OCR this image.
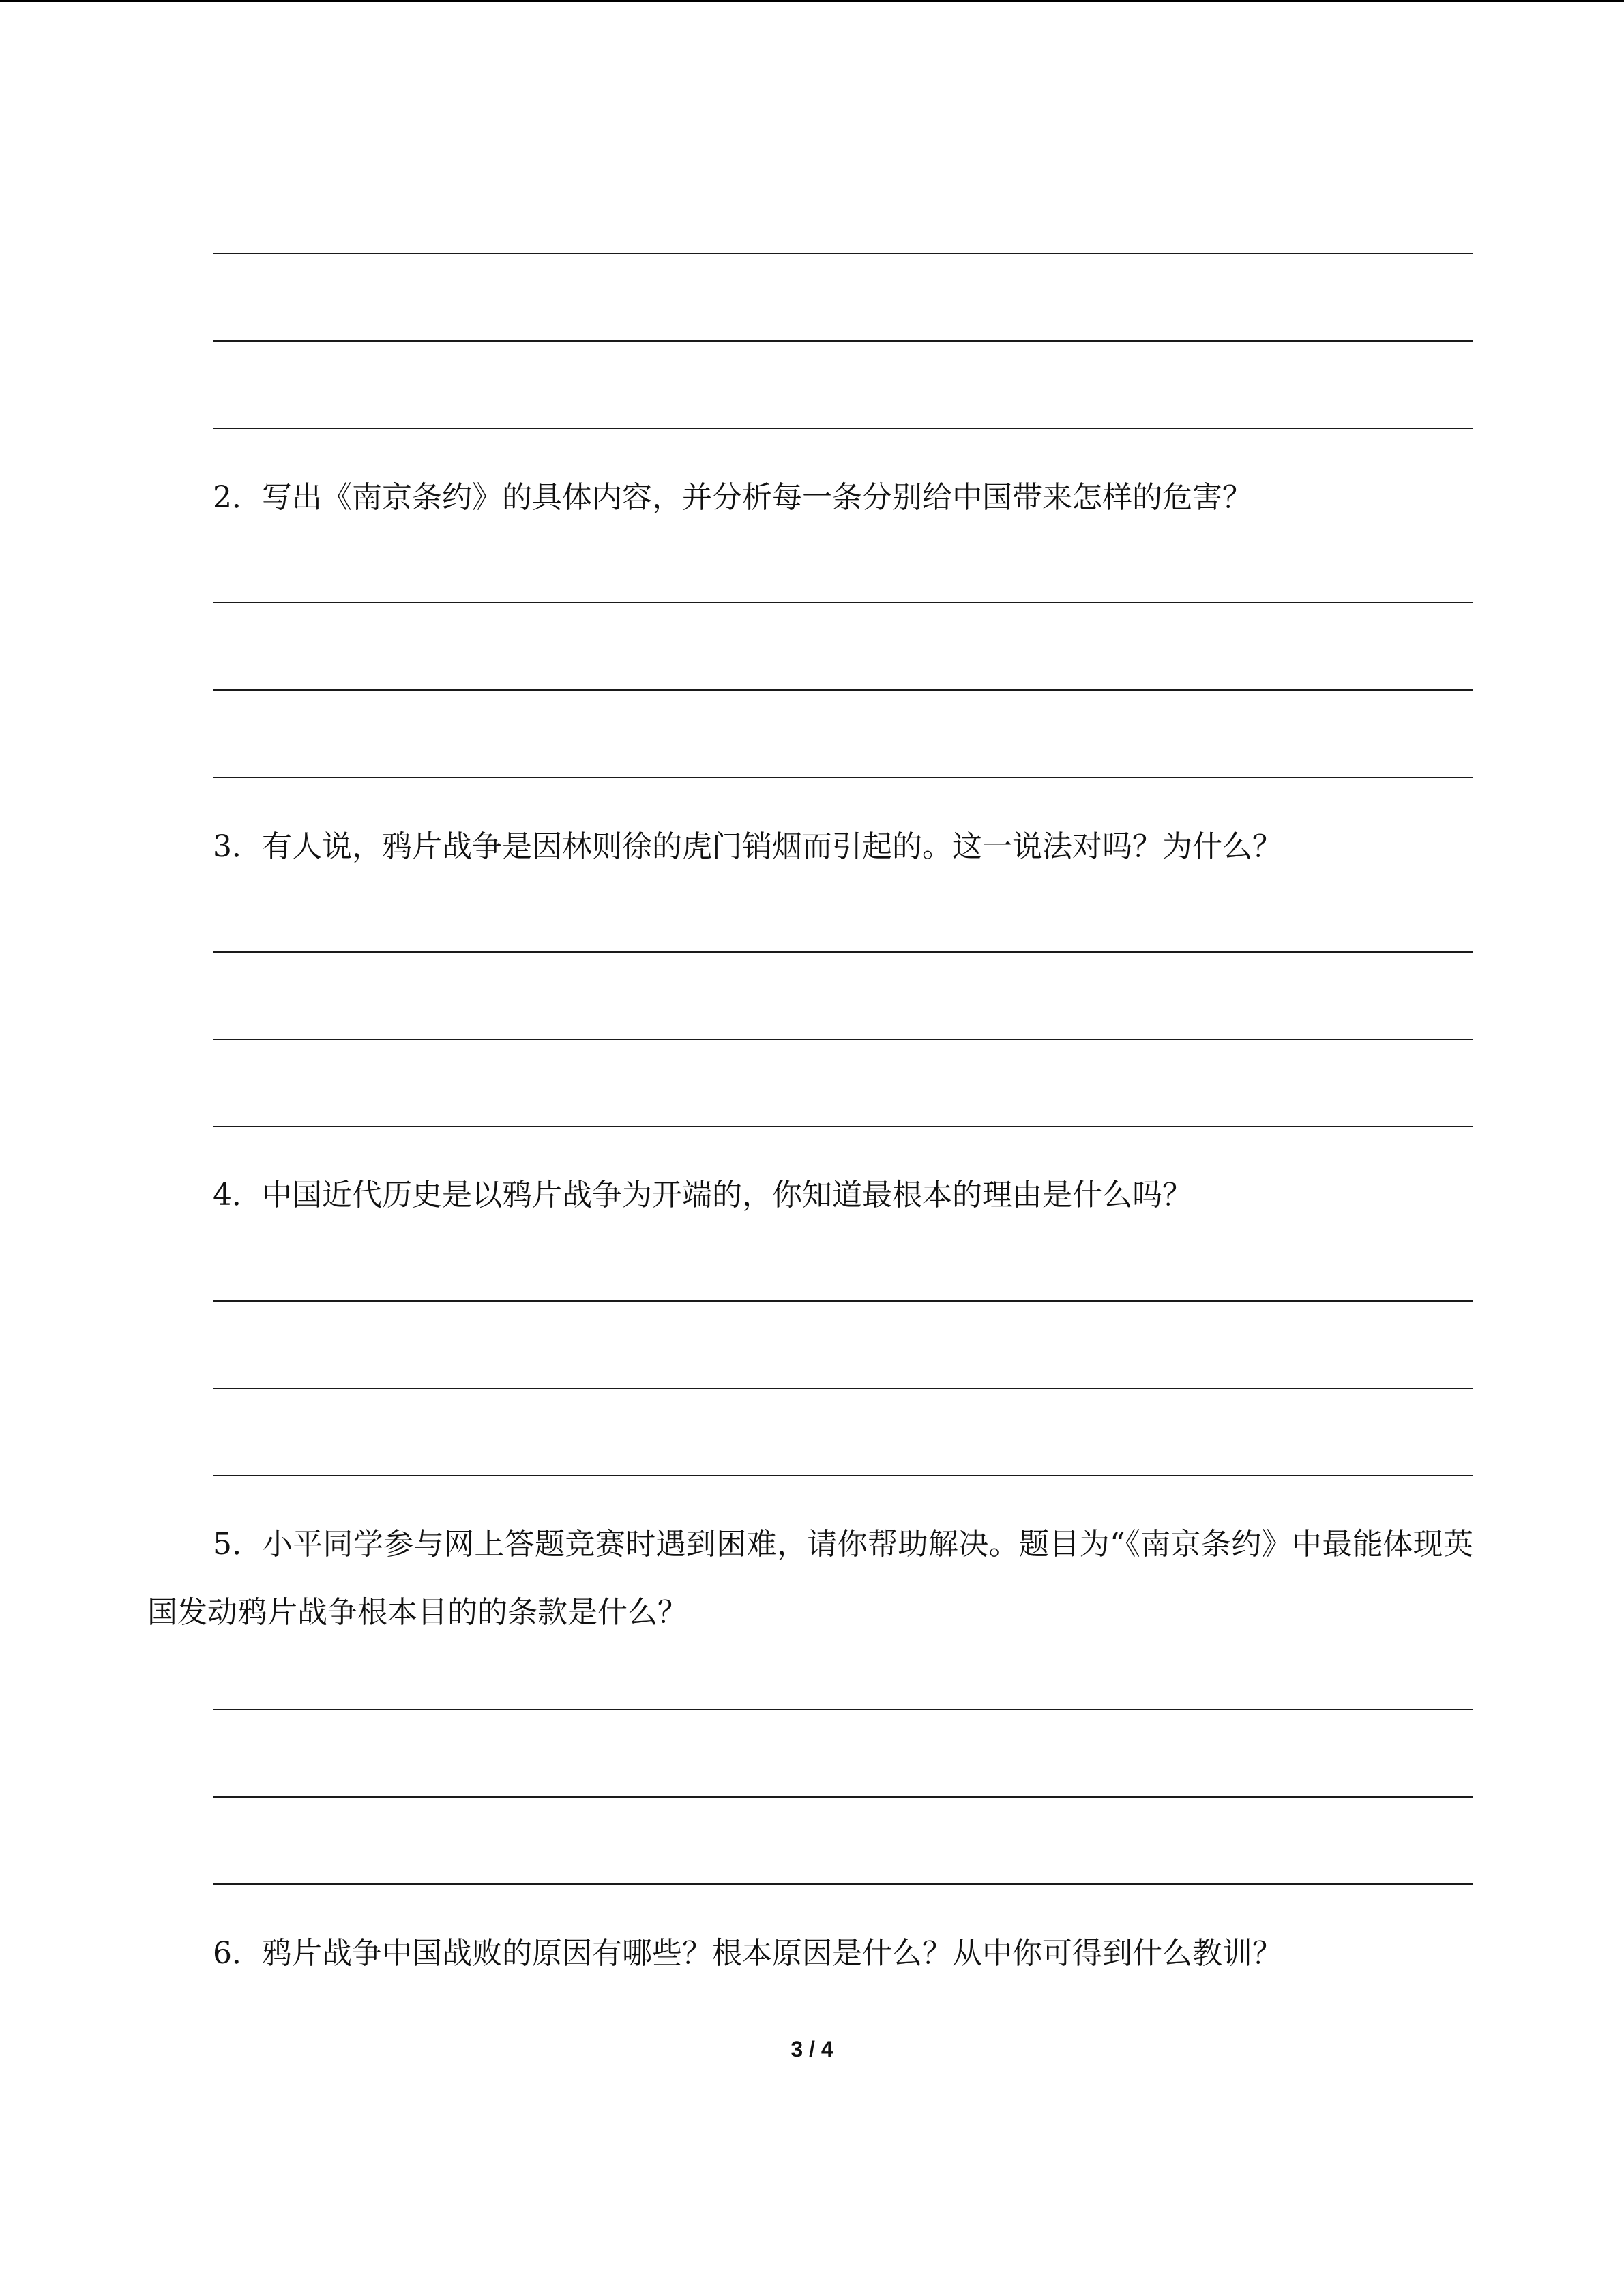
2．写出《南京条约》的具体内容，并分析每一条分别给中国带来怎样的危害？
3．有人说，鸦片战争是因林则徐的虎门销烟而引起的。这一说法对吗？为什么？
4．中国近代历史是以鸦片战争为开端的，你知道最根本的理由是什么吗？
5．小平同学参与网上答题竞赛时遇到困难，请你帮助解决。题目为“《南京条约》中最能体现英国发动鸦片战争根本目的的条款是什么？
6．鸦片战争中国战败的原因有哪些？根本原因是什么？从中你可得到什么教训？
3 / 4
